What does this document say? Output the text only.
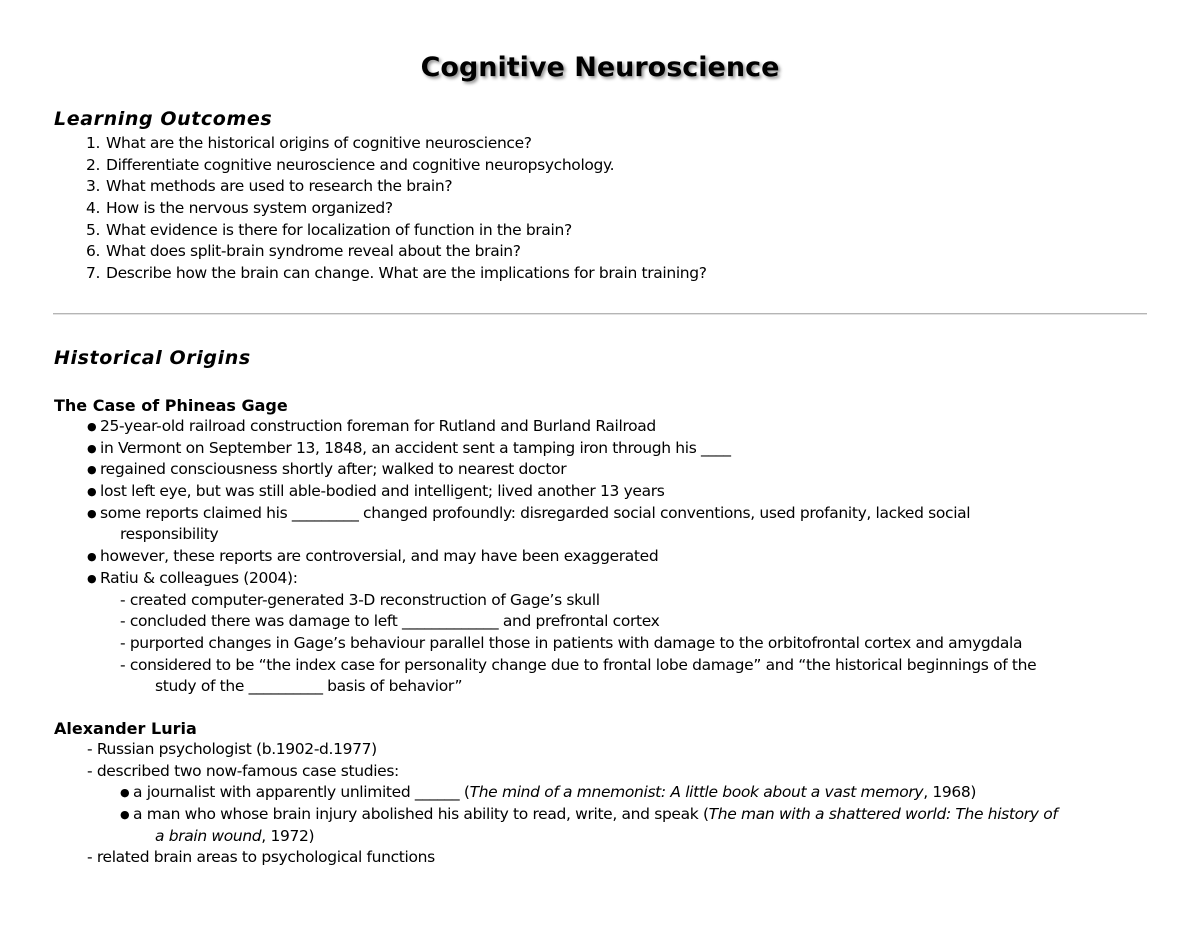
Cognitive Neuroscience
Learning Outcomes
1. What are the historical origins of cognitive neuroscience?
2. Differentiate cognitive neuroscience and cognitive neuropsychology.
3. What methods are used to research the brain?
4. How is the nervous system organized?
5. What evidence is there for localization of function in the brain?
6. What does split-brain syndrome reveal about the brain?
7. Describe how the brain can change. What are the implications for brain training?
Historical Origins
The Case of Phineas Gage
● 25-year-old railroad construction foreman for Rutland and Burland Railroad
● in Vermont on September 13, 1848, an accident sent a tamping iron through his ____
● regained consciousness shortly after; walked to nearest doctor
● lost left eye, but was still able-bodied and intelligent; lived another 13 years
● some reports claimed his _________ changed profoundly: disregarded social conventions, used profanity, lacked social
responsibility
● however, these reports are controversial, and may have been exaggerated
● Ratiu & colleagues (2004):
- created computer-generated 3-D reconstruction of Gage’s skull
- concluded there was damage to left _____________ and prefrontal cortex
- purported changes in Gage’s behaviour parallel those in patients with damage to the orbitofrontal cortex and amygdala
- considered to be “the index case for personality change due to frontal lobe damage” and “the historical beginnings of the
study of the __________ basis of behavior”
Alexander Luria
- Russian psychologist (b.1902-d.1977)
- described two now-famous case studies:
● a journalist with apparently unlimited ______ (The mind of a mnemonist: A little book about a vast memory, 1968)
● a man who whose brain injury abolished his ability to read, write, and speak (The man with a shattered world: The history of
a brain wound, 1972)
- related brain areas to psychological functions
